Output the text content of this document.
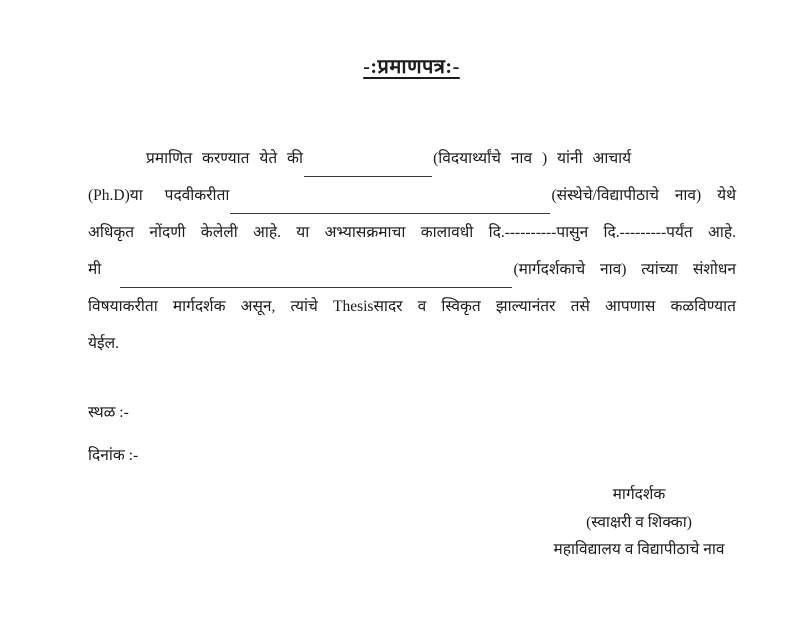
-:प्रमाणपत्र:-
प्रमाणित करण्यात येते की	(विदयार्थ्यांचे नाव ) यांनी आचार्य
(Ph.D)या पदवीकरीता	(संस्थेचे/विद्यापीठाचे नाव) येथे
अधिकृत नोंदणी केलेली आहे. या अभ्यासक्रमाचा कालावधी दि.----------पासुन दि.---------पर्यंत आहे.
मी	(मार्गदर्शकाचे नाव) त्यांच्या संशोधन
विषयाकरीता मार्गदर्शक असून, त्यांचे Thesisसादर व स्विकृत झाल्यानंतर तसे आपणास कळविण्यात
येईल.
स्थळ :-
दिनांक :-
मार्गदर्शक
(स्वाक्षरी व शिक्का)
महाविद्यालय व विद्यापीठाचे नाव
